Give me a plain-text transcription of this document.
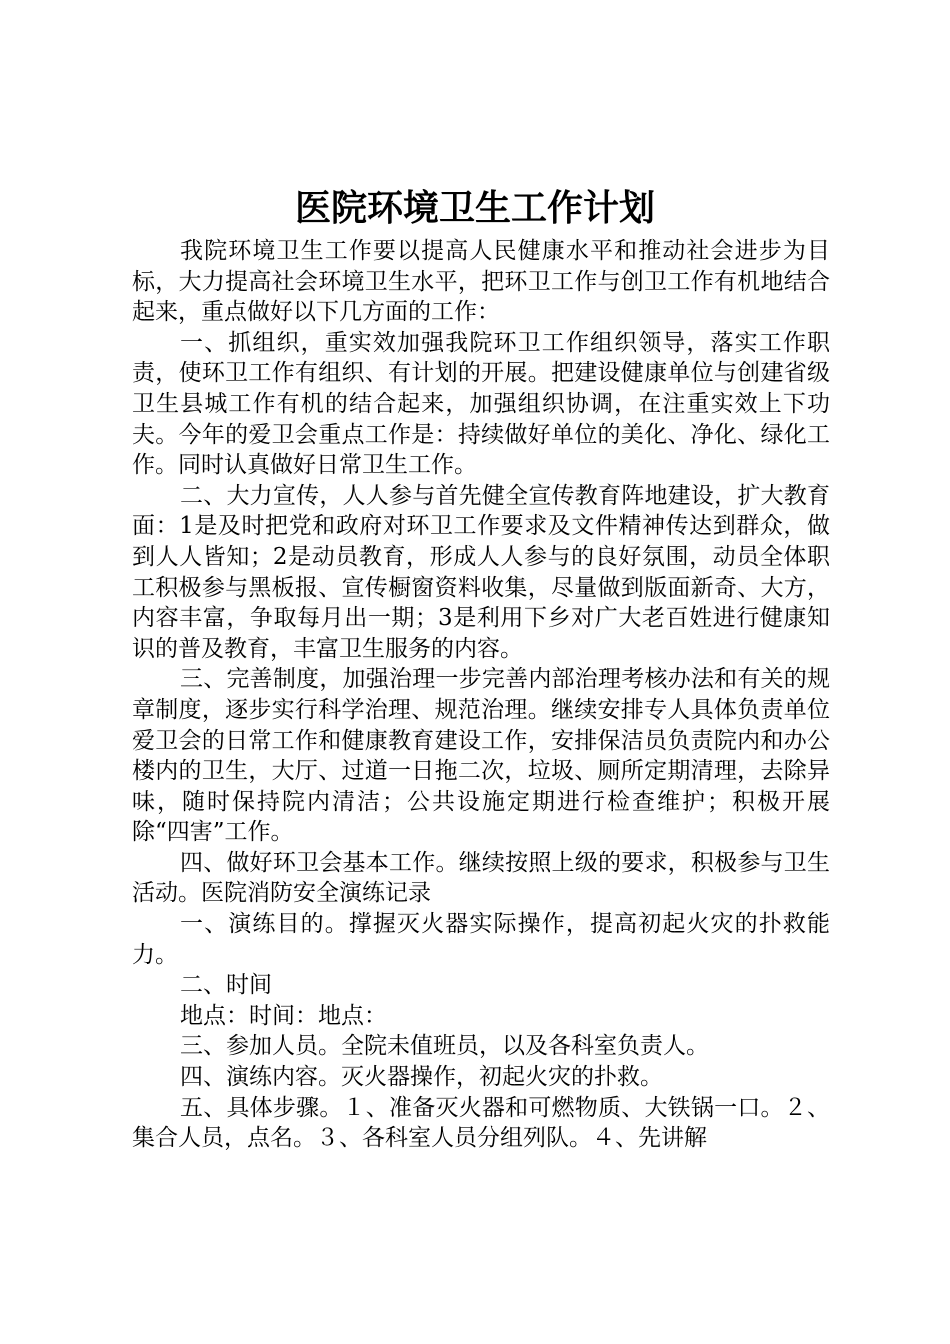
医院环境卫生工作计划

我院环境卫生工作要以提高人民健康水平和推动社会进步为目标，大力提高社会环境卫生水平，把环卫工作与创卫工作有机地结合起来，重点做好以下几方面的工作：

一、抓组织，重实效加强我院环卫工作组织领导，落实工作职责，使环卫工作有组织、有计划的开展。把建设健康单位与创建省级卫生县城工作有机的结合起来，加强组织协调，在注重实效上下功夫。今年的爱卫会重点工作是：持续做好单位的美化、净化、绿化工作。同时认真做好日常卫生工作。

二、大力宣传，人人参与首先健全宣传教育阵地建设，扩大教育面：1是及时把党和政府对环卫工作要求及文件精神传达到群众，做到人人皆知；2是动员教育，形成人人参与的良好氛围，动员全体职工积极参与黑板报、宣传橱窗资料收集，尽量做到版面新奇、大方，内容丰富，争取每月出一期；3是利用下乡对广大老百姓进行健康知识的普及教育，丰富卫生服务的内容。

三、完善制度，加强治理一步完善内部治理考核办法和有关的规章制度，逐步实行科学治理、规范治理。继续安排专人具体负责单位爱卫会的日常工作和健康教育建设工作，安排保洁员负责院内和办公楼内的卫生，大厅、过道一日拖二次，垃圾、厕所定期清理，去除异味，随时保持院内清洁；公共设施定期进行检查维护；积极开展除“四害”工作。

四、做好环卫会基本工作。继续按照上级的要求，积极参与卫生活动。医院消防安全演练记录

一、演练目的。撑握灭火器实际操作，提高初起火灾的扑救能力。

二、时间

地点：时间：地点：

三、参加人员。全院未值班员，以及各科室负责人。

四、演练内容。灭火器操作，初起火灾的扑救。

五、具体步骤。１、准备灭火器和可燃物质、大铁锅一口。２、集合人员，点名。３、各科室人员分组列队。４、先讲解
